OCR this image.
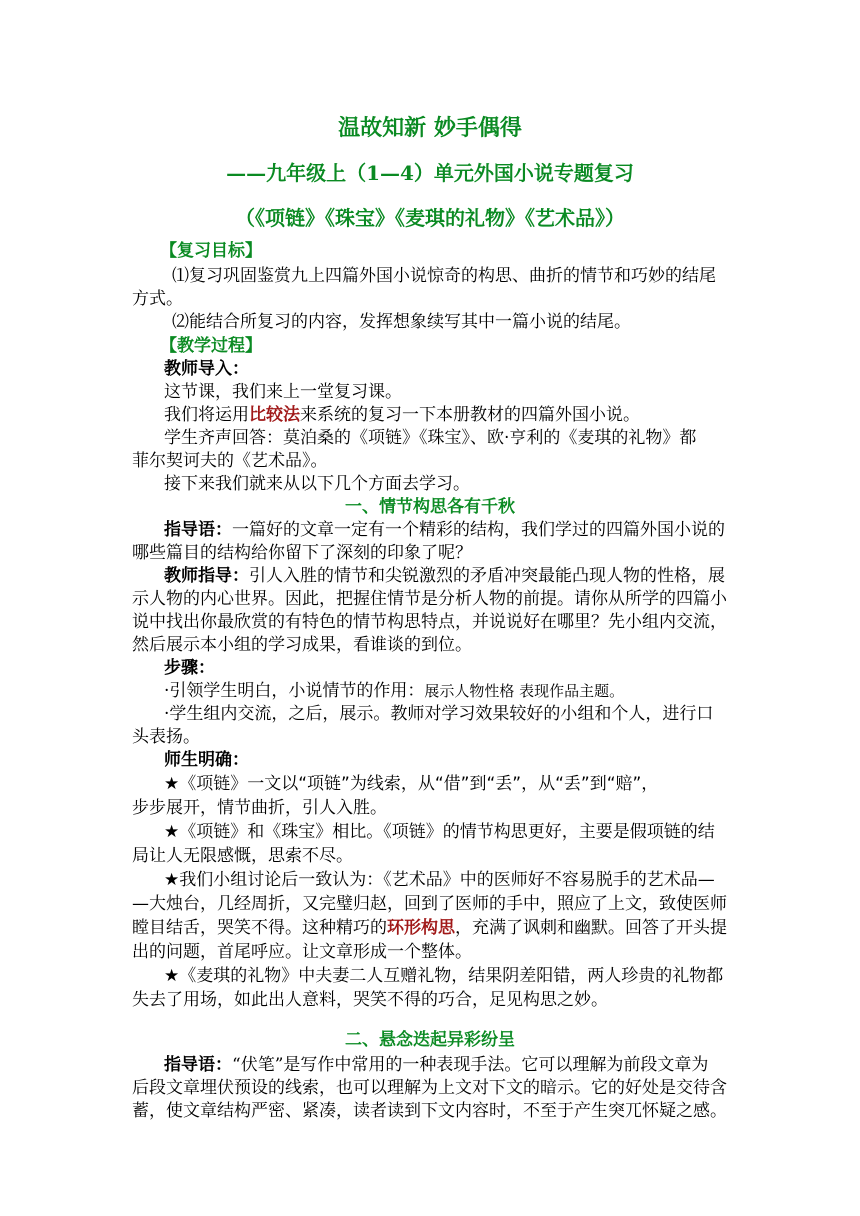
温故知新 妙手偶得
——九年级上（1—4）单元外国小说专题复习
（《项链》《珠宝》《麦琪的礼物》《艺术品》）
【复习目标】
⑴复习巩固鉴赏九上四篇外国小说惊奇的构思、曲折的情节和巧妙的结尾
方式。
⑵能结合所复习的内容，发挥想象续写其中一篇小说的结尾。
【教学过程】
教师导入：
这节课，我们来上一堂复习课。
我们将运用比较法来系统的复习一下本册教材的四篇外国小说。
学生齐声回答：莫泊桑的《项链》《珠宝》、欧·亨利的《麦琪的礼物》都
菲尔契诃夫的《艺术品》。
接下来我们就来从以下几个方面去学习。
一、情节构思各有千秋
指导语：一篇好的文章一定有一个精彩的结构，我们学过的四篇外国小说的
哪些篇目的结构给你留下了深刻的印象了呢？
教师指导：引人入胜的情节和尖锐激烈的矛盾冲突最能凸现人物的性格，展
示人物的内心世界。因此，把握住情节是分析人物的前提。请你从所学的四篇小
说中找出你最欣赏的有特色的情节构思特点，并说说好在哪里？先小组内交流，
然后展示本小组的学习成果，看谁谈的到位。
步骤：
·引领学生明白，小说情节的作用：展示人物性格 表现作品主题。
·学生组内交流，之后，展示。教师对学习效果较好的小组和个人，进行口
头表扬。
师生明确：
★《项链》一文以“项链”为线索，从“借”到“丢”，从“丢”到“赔”，
步步展开，情节曲折，引人入胜。
★《项链》和《珠宝》相比。《项链》的情节构思更好，主要是假项链的结
局让人无限感慨，思索不尽。
★我们小组讨论后一致认为：《艺术品》中的医师好不容易脱手的艺术品—
—大烛台，几经周折，又完璧归赵，回到了医师的手中，照应了上文，致使医师
瞠目结舌，哭笑不得。这种精巧的环形构思，充满了讽刺和幽默。回答了开头提
出的问题，首尾呼应。让文章形成一个整体。
★《麦琪的礼物》中夫妻二人互赠礼物，结果阴差阳错，两人珍贵的礼物都
失去了用场，如此出人意料，哭笑不得的巧合，足见构思之妙。
二、悬念迭起异彩纷呈
指导语：“伏笔”是写作中常用的一种表现手法。它可以理解为前段文章为
后段文章埋伏预设的线索，也可以理解为上文对下文的暗示。它的好处是交待含
蓄，使文章结构严密、紧凑，读者读到下文内容时，不至于产生突兀怀疑之感。
